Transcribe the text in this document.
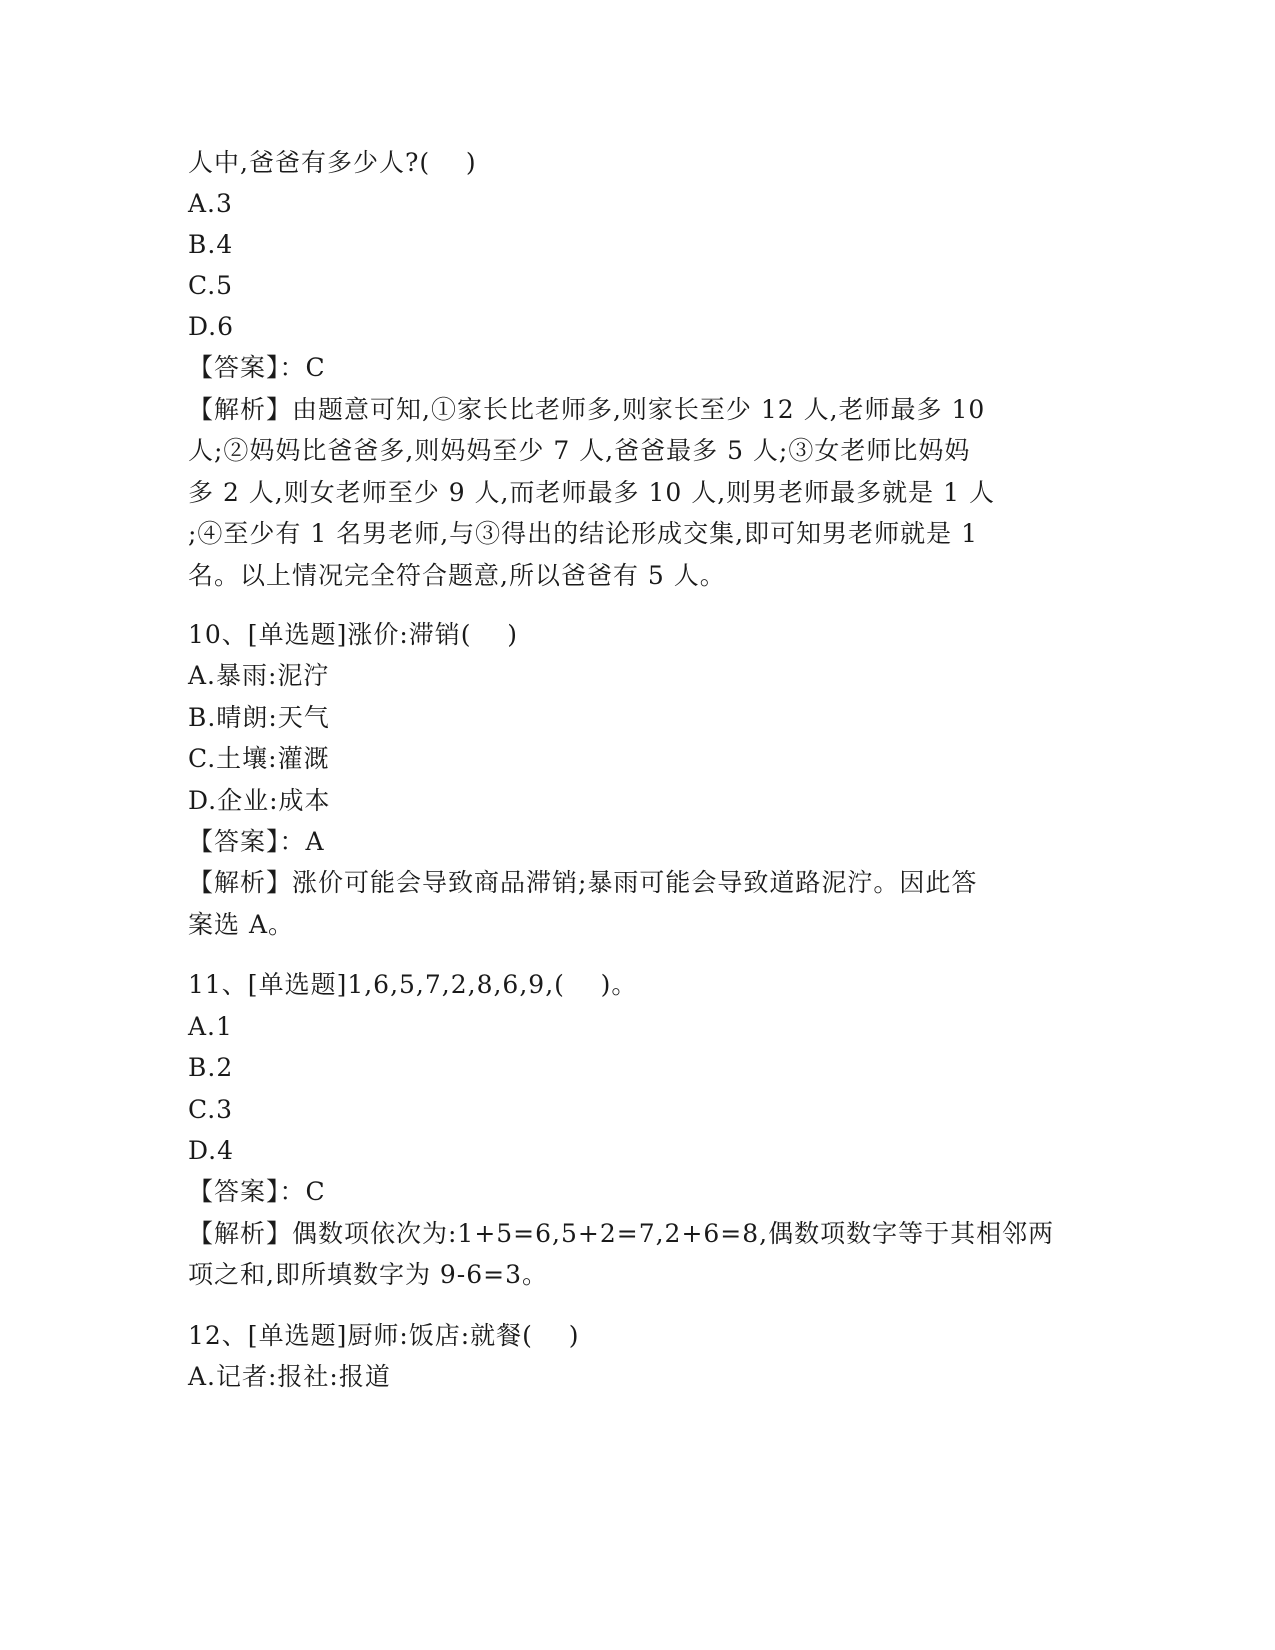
人中,爸爸有多少人?(    )
A.3
B.4
C.5
D.6
【答案】：C
【解析】由题意可知,①家长比老师多,则家长至少 12 人,老师最多 10
人;②妈妈比爸爸多,则妈妈至少 7 人,爸爸最多 5 人;③女老师比妈妈
多 2 人,则女老师至少 9 人,而老师最多 10 人,则男老师最多就是 1 人
;④至少有 1 名男老师,与③得出的结论形成交集,即可知男老师就是 1
名。以上情况完全符合题意,所以爸爸有 5 人。
10、[单选题]涨价:滞销(    )
A.暴雨:泥泞
B.晴朗:天气
C.土壤:灌溉
D.企业:成本
【答案】：A
【解析】涨价可能会导致商品滞销;暴雨可能会导致道路泥泞。因此答
案选 A。
11、[单选题]1,6,5,7,2,8,6,9,(    )。
A.1
B.2
C.3
D.4
【答案】：C
【解析】偶数项依次为:1+5=6,5+2=7,2+6=8,偶数项数字等于其相邻两
项之和,即所填数字为 9-6=3。
12、[单选题]厨师:饭店:就餐(    )
A.记者:报社:报道
